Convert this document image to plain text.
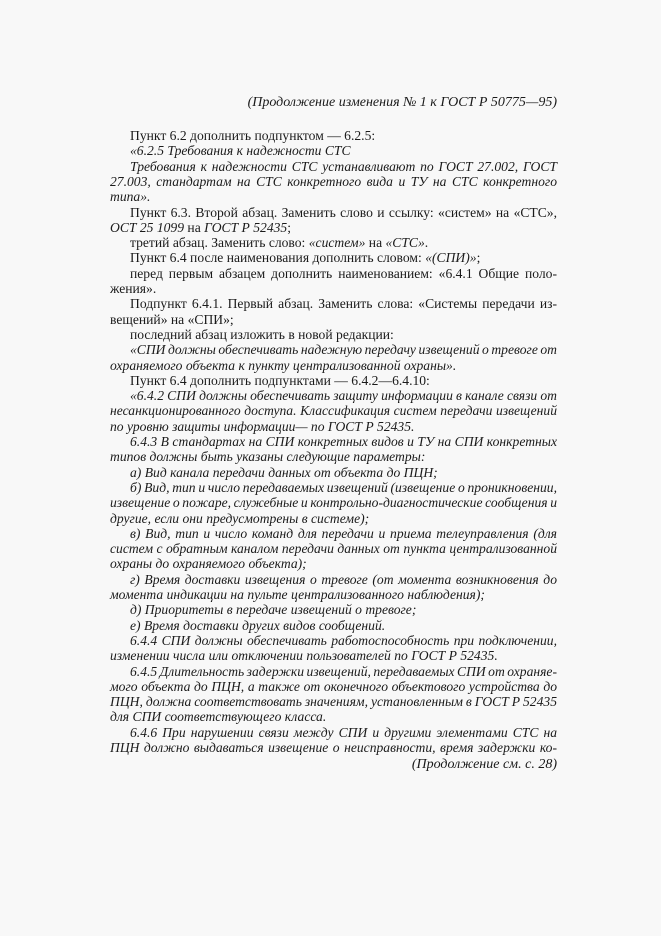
(Продолжение изменения № 1 к ГОСТ Р 50775—95)
Пункт 6.2 дополнить подпунктом — 6.2.5:
«6.2.5 Требования к надежности СТС
Требования к надежности СТС устанавливают по ГОСТ 27.002, ГОСТ
27.003, стандартам на СТС конкретного вида и ТУ на СТС конкретного
типа».
Пункт 6.3. Второй абзац. Заменить слово и ссылку: «систем» на «СТС»,
ОСТ 25 1099 на ГОСТ Р 52435;
третий абзац. Заменить слово: «систем» на «СТС».
Пункт 6.4 после наименования дополнить словом: «(СПИ)»;
перед первым абзацем дополнить наименованием: «6.4.1 Общие поло-
жения».
Подпункт 6.4.1. Первый абзац. Заменить слова: «Системы передачи из-
вещений» на «СПИ»;
последний абзац изложить в новой редакции:
«СПИ должны обеспечивать надежную передачу извещений о тревоге от
охраняемого объекта к пункту централизованной охраны».
Пункт 6.4 дополнить подпунктами — 6.4.2—6.4.10:
«6.4.2 СПИ должны обеспечивать защиту информации в канале связи от
несанкционированного доступа. Классификация систем передачи извещений
по уровню защиты информации— по ГОСТ Р 52435.
6.4.3 В стандартах на СПИ конкретных видов и ТУ на СПИ конкретных
типов должны быть указаны следующие параметры:
а) Вид канала передачи данных от объекта до ПЦН;
б) Вид, тип и число передаваемых извещений (извещение о проникновении,
извещение о пожаре, служебные и контрольно-диагностические сообщения и
другие, если они предусмотрены в системе);
в) Вид, тип и число команд для передачи и приема телеуправления (для
систем с обратным каналом передачи данных от пункта централизованной
охраны до охраняемого объекта);
г) Время доставки извещения о тревоге (от момента возникновения до
момента индикации на пульте централизованного наблюдения);
д) Приоритеты в передаче извещений о тревоге;
е) Время доставки других видов сообщений.
6.4.4 СПИ должны обеспечивать работоспособность при подключении,
изменении числа или отключении пользователей по ГОСТ Р 52435.
6.4.5 Длительность задержки извещений, передаваемых СПИ от охраняе-
мого объекта до ПЦН, а также от оконечного объектового устройства до
ПЦН, должна соответствовать значениям, установленным в ГОСТ Р 52435
для СПИ соответствующего класса.
6.4.6 При нарушении связи между СПИ и другими элементами СТС на
ПЦН должно выдаваться извещение о неисправности, время задержки ко-
(Продолжение см. с. 28)
